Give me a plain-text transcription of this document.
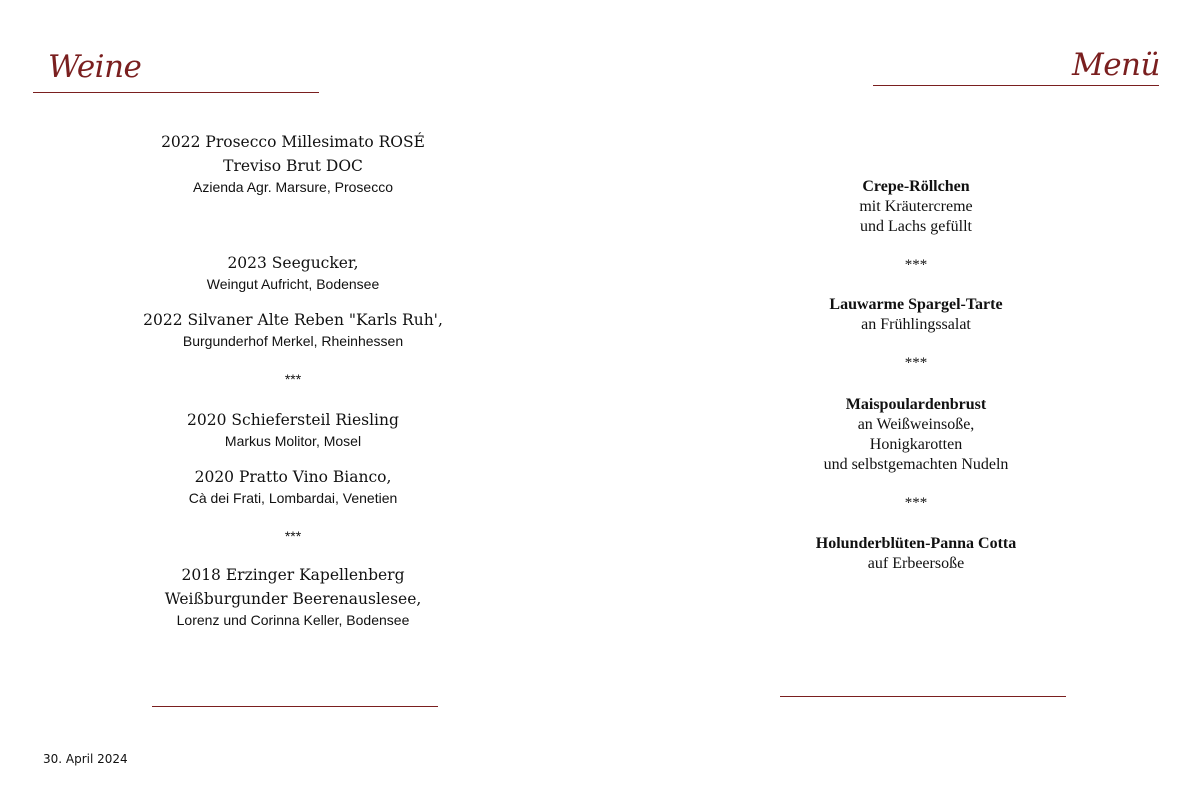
Weine	Menü
2022 Prosecco Millesimato ROSÉ
Treviso Brut DOC
Azienda Agr. Marsure, Prosecco
2023 Seegucker,
Weingut Aufricht, Bodensee
2022 Silvaner Alte Reben "Karls Ruh',
Burgunderhof Merkel, Rheinhessen
***
2020 Schiefersteil Riesling
Markus Molitor, Mosel
2020 Pratto Vino Bianco,
Cà dei Frati, Lombardai, Venetien
***
2018 Erzinger Kapellenberg
Weißburgunder Beerenauslesee,
Lorenz und Corinna Keller, Bodensee
Crepe-Röllchen
mit Kräutercreme
und Lachs gefüllt
***
Lauwarme Spargel-Tarte
an Frühlingssalat
***
Maispoulardenbrust
an Weißweinsoße,
Honigkarotten
und selbstgemachten Nudeln
***
Holunderblüten-Panna Cotta
auf Erbeersoße
30. April 2024
